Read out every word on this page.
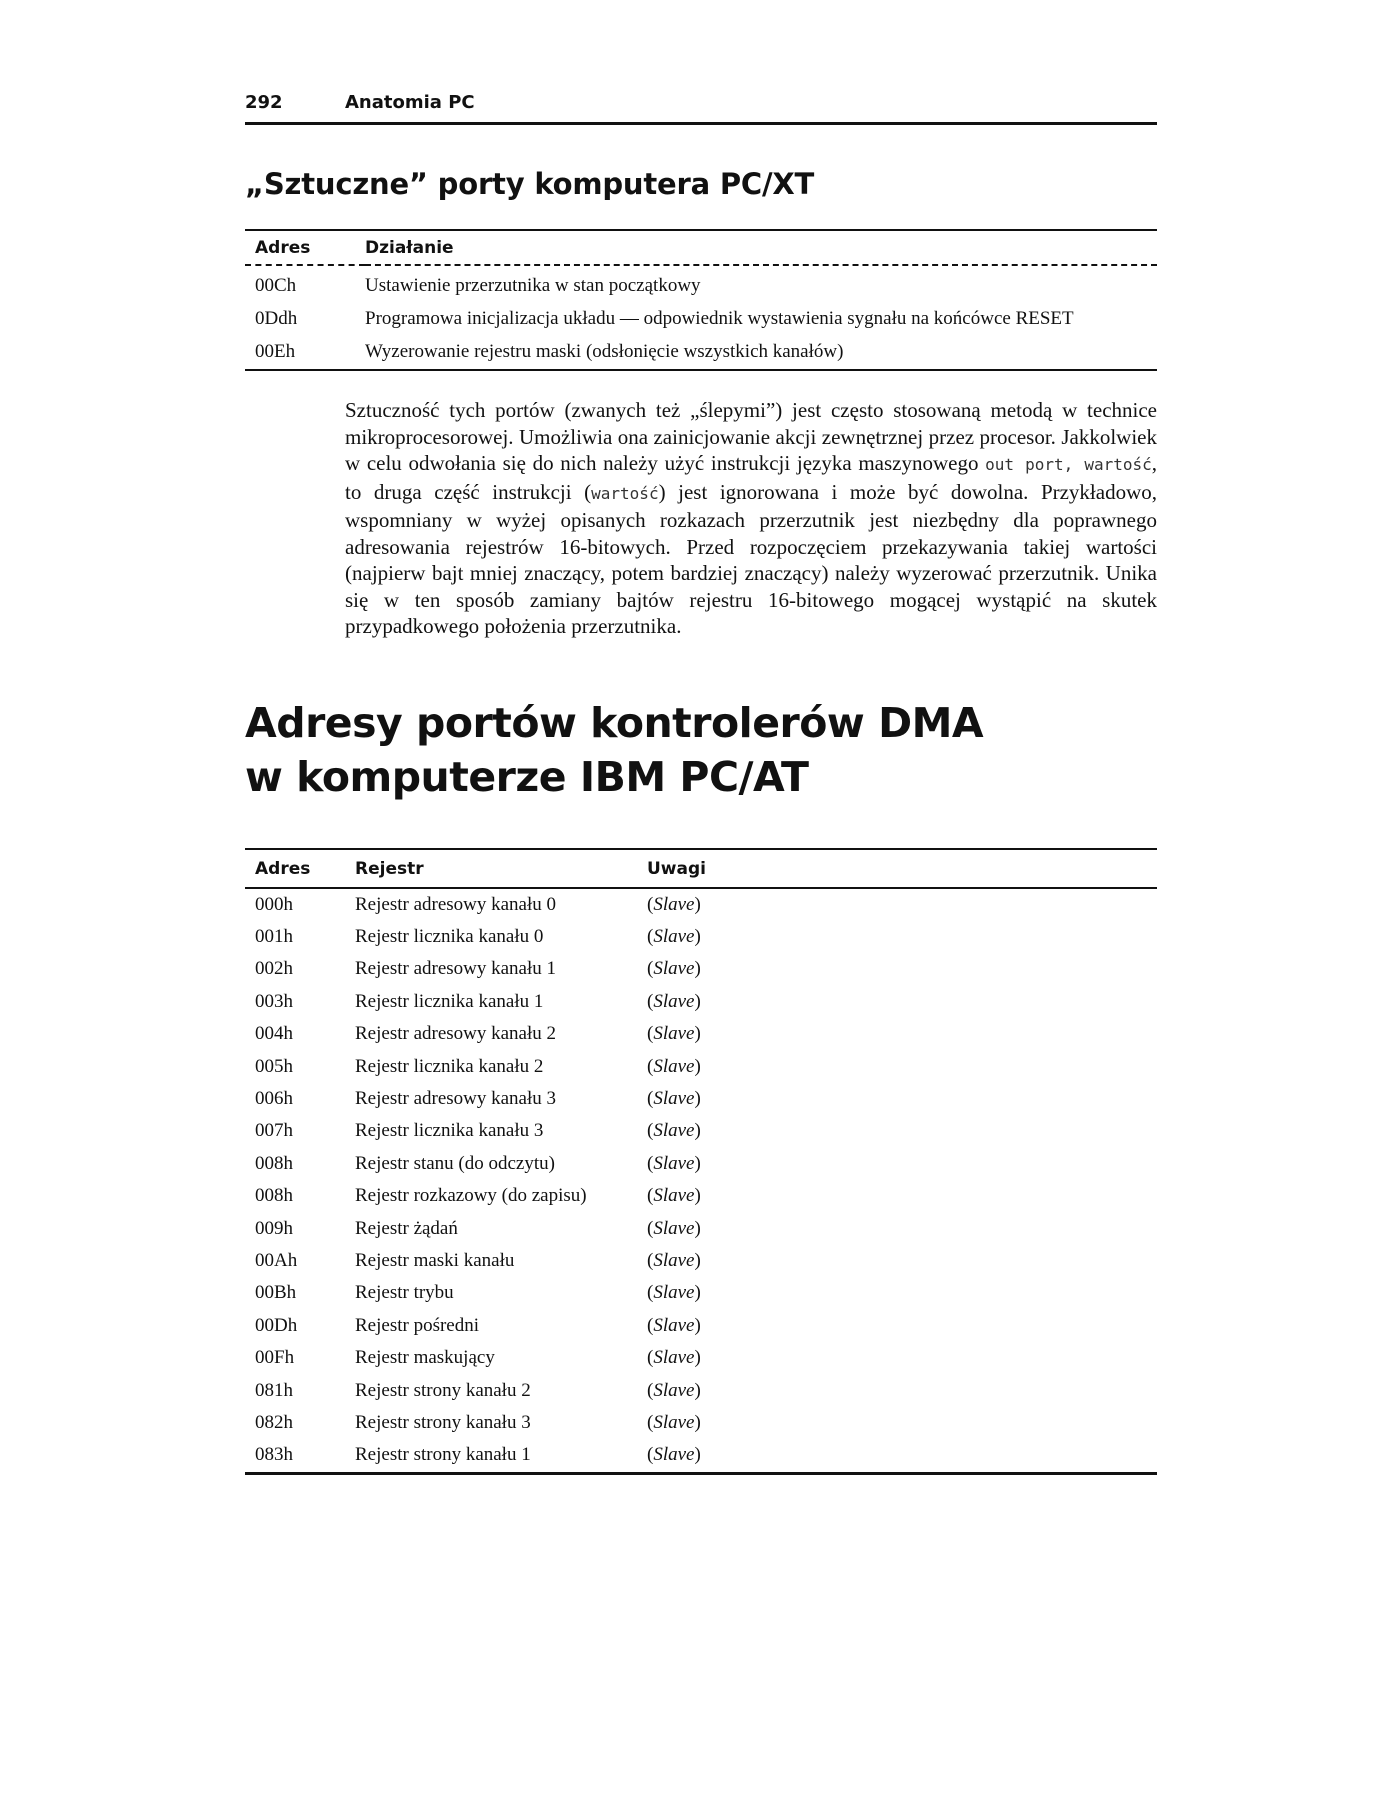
292	Anatomia PC
„Sztuczne” porty komputera PC/XT
Adres	Działanie
00Ch	Ustawienie przerzutnika w stan początkowy
0Ddh	Programowa inicjalizacja układu — odpowiednik wystawienia sygnału na końcówce RESET
00Eh	Wyzerowanie rejestru maski (odsłonięcie wszystkich kanałów)

Sztuczność tych portów (zwanych też „ślepymi”) jest często stosowaną metodą w technice mikroprocesorowej. Umożliwia ona zainicjowanie akcji zewnętrznej przez procesor. Jakkolwiek w celu odwołania się do nich należy użyć instrukcji języka maszynowego out port, wartość, to druga część instrukcji (wartość) jest ignorowana i może być dowolna. Przykładowo, wspomniany w wyżej opisanych rozkazach przerzutnik jest niezbędny dla poprawnego adresowania rejestrów 16-bitowych. Przed rozpoczęciem przekazywania takiej wartości (najpierw bajt mniej znaczący, potem bardziej znaczący) należy wyzerować przerzutnik. Unika się w ten sposób zamiany bajtów rejestru 16-bitowego mogącej wystąpić na skutek przypadkowego położenia przerzutnika.

Adresy portów kontrolerów DMA
w komputerze IBM PC/AT
Adres	Rejestr	Uwagi
000h	Rejestr adresowy kanału 0	(Slave)
001h	Rejestr licznika kanału 0	(Slave)
002h	Rejestr adresowy kanału 1	(Slave)
003h	Rejestr licznika kanału 1	(Slave)
004h	Rejestr adresowy kanału 2	(Slave)
005h	Rejestr licznika kanału 2	(Slave)
006h	Rejestr adresowy kanału 3	(Slave)
007h	Rejestr licznika kanału 3	(Slave)
008h	Rejestr stanu (do odczytu)	(Slave)
008h	Rejestr rozkazowy (do zapisu)	(Slave)
009h	Rejestr żądań	(Slave)
00Ah	Rejestr maski kanału	(Slave)
00Bh	Rejestr trybu	(Slave)
00Dh	Rejestr pośredni	(Slave)
00Fh	Rejestr maskujący	(Slave)
081h	Rejestr strony kanału 2	(Slave)
082h	Rejestr strony kanału 3	(Slave)
083h	Rejestr strony kanału 1	(Slave)
